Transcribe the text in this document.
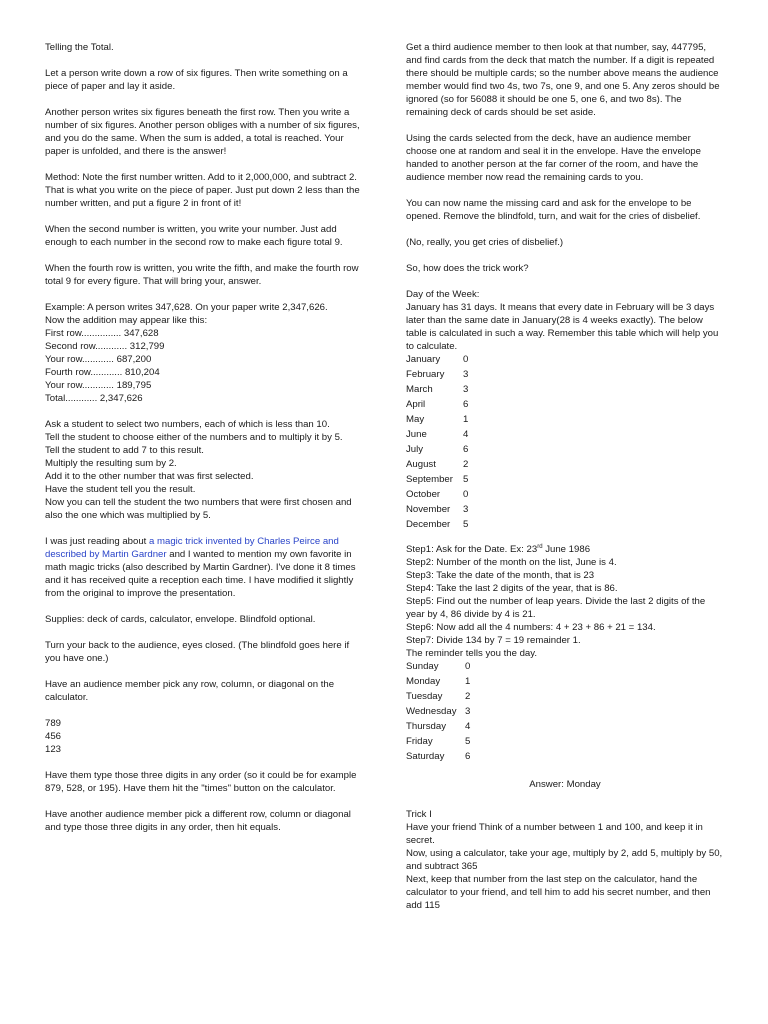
Telling the Total.

Let a person write down a row of six figures. Then write something on a piece of paper and lay it aside.

Another person writes six figures beneath the first row. Then you write a number of six figures. Another person obliges with a number of six figures, and you do the same. When the sum is added, a total is reached. Your paper is unfolded, and there is the answer!

Method: Note the first number written. Add to it 2,000,000, and subtract 2. That is what you write on the piece of paper. Just put down 2 less than the number written, and put a figure 2 in front of it!

When the second number is written, you write your number. Just add enough to each number in the second row to make each figure total 9.

When the fourth row is written, you write the fifth, and make the fourth row total 9 for every figure. That will bring your, answer.

Example: A person writes 347,628. On your paper write 2,347,626.
Now the addition may appear like this:
First row............... 347,628
Second row............ 312,799
Your row............ 687,200
Fourth row............ 810,204
Your row............ 189,795
Total............ 2,347,626
Ask a student to select two numbers, each of which is less than 10.
Tell the student to choose either of the numbers and to multiply it by 5.
Tell the student to add 7 to this result.
Multiply the resulting sum by 2.
Add it to the other number that was first selected.
Have the student tell you the result.
Now you can tell the student the two numbers that were first chosen and also the one which was multiplied by 5.

I was just reading about a magic trick invented by Charles Peirce and described by Martin Gardner and I wanted to mention my own favorite in math magic tricks (also described by Martin Gardner). I've done it 8 times and it has received quite a reception each time. I have modified it slightly from the original to improve the presentation.

Supplies: deck of cards, calculator, envelope. Blindfold optional.

Turn your back to the audience, eyes closed. (The blindfold goes here if you have one.)

Have an audience member pick any row, column, or diagonal on the calculator.

789
456
123

Have them type those three digits in any order (so it could be for example 879, 528, or 195). Have them hit the "times" button on the calculator.

Have another audience member pick a different row, column or diagonal and type those three digits in any order, then hit equals.

Get a third audience member to then look at that number, say, 447795, and find cards from the deck that match the number. If a digit is repeated there should be multiple cards; so the number above means the audience member would find two 4s, two 7s, one 9, and one 5. Any zeros should be ignored (so for 56088 it should be one 5, one 6, and two 8s). The remaining deck of cards should be set aside.

Using the cards selected from the deck, have an audience member choose one at random and seal it in the envelope. Have the envelope handed to another person at the far corner of the room, and have the audience member now read the remaining cards to you.

You can now name the missing card and ask for the envelope to be opened. Remove the blindfold, turn, and wait for the cries of disbelief.

(No, really, you get cries of disbelief.)

So, how does the trick work?

Day of the Week:
January has 31 days. It means that every date in February will be 3 days later than the same date in January(28 is 4 weeks exactly). The below table is calculated in such a way. Remember this table which will help you to calculate.
January	0
February	3
March	3
April	6
May	1
June	4
July	6
August	2
September	5
October	0
November	3
December	5
Step1: Ask for the Date. Ex: 23rd June 1986
Step2: Number of the month on the list, June is 4.
Step3: Take the date of the month, that is 23
Step4: Take the last 2 digits of the year, that is 86.
Step5: Find out the number of leap years. Divide the last 2 digits of the year by 4, 86 divide by 4 is 21.
Step6: Now add all the 4 numbers: 4 + 23 + 86 + 21 = 134.
Step7: Divide 134 by 7 = 19 remainder 1.
The reminder tells you the day.
Sunday	0
Monday	1
Tuesday	2
Wednesday	3
Thursday	4
Friday	5
Saturday	6

Answer: Monday

Trick I
Have your friend Think of a number between 1 and 100, and keep it in secret.
Now, using a calculator, take your age, multiply by 2, add 5, multiply by 50, and subtract 365
Next, keep that number from the last step on the calculator, hand the calculator to your friend, and tell him to add his secret number, and then add 115
